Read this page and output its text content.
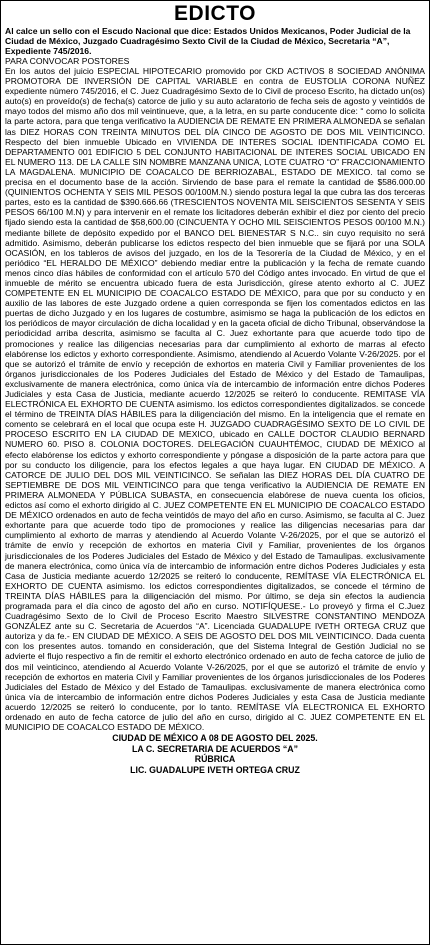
EDICTO

Al calce un sello con el Escudo Nacional que dice: Estados Unidos Mexicanos, Poder Judicial de la Ciudad de México, Juzgado Cuadragésimo Sexto Civil de la Ciudad de México, Secretaria “A”, Expediente 745/2016.

PARA CONVOCAR POSTORES

En los autos del juicio ESPECIAL HIPOTECARIO promovido por CKD ACTIVOS 8 SOCIEDAD ANÓNIMA PROMOTORA DE INVERSIÓN DE CAPITAL VARIABLE en contra de EUSTOLIA CORONA NUÑEZ expediente número 745/2016, el C. Juez Cuadragésimo Sexto de lo Civil de proceso Escrito, ha dictado un(os) auto(s) en proveído(s) de fecha(s) catorce de julio y su auto aclaratorio de fecha seis de agosto y veintidós de mayo todos del mismo año dos mil veintinueve, que, a la letra, en su parte conducente dice: “ como lo solicita la parte actora, para que tenga verificativo la AUDIENCIA DE REMATE EN PRIMERA ALMONEDA se señalan las DIEZ HORAS CON TREINTA MINUTOS DEL DÍA CINCO DE AGOSTO DE DOS MIL VEINTICINCO. Respecto del bien inmueble Ubicado en VIVIENDA DE INTERES SOCIAL IDENTIFICADA COMO EL DEPARTAMENTO 001 EDIFICIO 5 DEL CONJUNTO HABITACIONAL DE INTERES SOCIAL UBICADO EN EL NUMERO 113. DE LA CALLE SIN NOMBRE MANZANA UNICA, LOTE CUATRO “O” FRACCIONAMIENTO LA MAGDALENA. MUNICIPIO DE COACALCO DE BERRIOZABAL, ESTADO DE MEXICO. tal como se precisa en el documento base de la acción. Sirviendo de base para el remate la cantidad de $586.000.00 (QUINIENTOS OCHENTA Y SEIS MIL PESOS 00/100M.N.) siendo postura legal la que cubra las dos terceras partes, esto es la cantidad de $390.666.66 (TRESCIENTOS NOVENTA MIL SEISCIENTOS SESENTA Y SEIS PESOS 66/100 M.N) y para intervenir en el remate los licitadores deberán exhibir el diez por ciento del precio fijado siendo esta la cantidad de $58,600.00 (CINCUENTA Y OCHO MIL SEISCIENTOS PESOS 00/100 M.N.) mediante billete de depósito expedido por el BANCO DEL BIENESTAR S N.C.. sin cuyo requisito no será admitido. Asimismo, deberán publicarse los edictos respecto del bien inmueble que se fijará por una SOLA OCASIÓN, en los tableros de avisos del juzgado, en los de la Tesorería de la Ciudad de México, y en el periódico “EL HERALDO DE MÉXICO” debiendo mediar entre la publicación y la fecha de remate cuando menos cinco días hábiles de conformidad con el artículo 570 del Código antes invocado. En virtud de que el inmueble de mérito se encuentra ubicado fuera de esta Jurisdicción, gírese atento exhorto al C. JUEZ COMPETENTE EN EL MUNICIPIO DE COACALCO ESTADO DE MÉXICO, para que por su conducto y en auxilio de las labores de este Juzgado ordene a quien corresponda se fijen los comentados edictos en las puertas de dicho Juzgado y en los lugares de costumbre, asimismo se haga la publicación de los edictos en los periódicos de mayor circulación de dicha localidad y en la gaceta oficial de dicho Tribunal, observándose la periodicidad arriba descrita, asimismo se faculta al C. Juez exhortante para que acuerde todo tipo de promociones y realice las diligencias necesarias para dar cumplimiento al exhorto de marras al efecto elabórense los edictos y exhorto correspondiente. Asimismo, atendiendo al Acuerdo Volante V-26/2025. por el que se autorizó el trámite de envío y recepción de exhortos en materia Civil y Familiar provenientes de los órganos jurisdiccionales de los Poderes Judiciales del Estado de México y del Estado de Tamaulipas, exclusivamente de manera electrónica, como única vía de intercambio de información entre dichos Poderes Judiciales y esta Casa de Justicia, mediante acuerdo 12/2025 se reiteró lo conducente. REMITASE VÍA ELECTRÓNICA EL EXHORTO DE CUENTA asimismo. los edictos correspondientes digitalizados. se concede el término de TREINTA DÍAS HÁBILES para la diligenciación del mismo. En la inteligencia que el remate en comento se celebrará en el local que ocupa este H. JUZGADO CUADRAGÉSIMO SEXTO DE LO CIVIL DE PROCESO ESCRITO EN LA CIUDAD DE MEXICO, ubicado en CALLE DOCTOR CLAUDIO BERNARD NUMERO 60. PISO 8. COLONIA DOCTORES. DELEGACIÓN CUAUHTÉMOC, CIUDAD DE MÉXICO al efecto elabórense los edictos y exhorto correspondiente y póngase a disposición de la parte actora para que por su conducto los diligencie, para los efectos legales a que haya lugar. EN CIUDAD DE MÉXICO. A CATORCE DE JULIO DEL DOS MIL VEINTICINCO. Se señalan las DIEZ HORAS DEL DÍA CUATRO DE SEPTIEMBRE DE DOS MIL VEINTICINCO para que tenga verificativo la AUDIENCIA DE REMATE EN PRIMERA ALMONEDA Y PÚBLICA SUBASTA, en consecuencia elabórese de nueva cuenta los oficios, edictos así como el exhorto dirigido al C. JUEZ COMPETENTE EN EL MUNICIPIO DE COACALCO ESTADO DE MÉXICO ordenados en auto de fecha veintidós de mayo del año en curso. Asimismo, se faculta al C. Juez exhortante para que acuerde todo tipo de promociones y realice las diligencias necesarias para dar cumplimiento al exhorto de marras y atendiendo al Acuerdo Volante V-26/2025, por el que se autorizó el trámite de envío y recepción de exhortos en materia Civil y Familiar, provenientes de los órganos jurisdiccionales de los Poderes Judiciales del Estado de México y del Estado de Tamaulipas. exclusivamente de manera electrónica, como única vía de intercambio de información entre dichos Poderes Judiciales y esta Casa de Justicia mediante acuerdo 12/2025 se reiteró lo conducente, REMÍTASE VÍA ELECTRÓNICA EL EXHORTO DE CUENTA asimismo. los edictos correspondientes digitalizados, se concede el término de TREINTA DÍAS HÁBILES para la diligenciación del mismo. Por último, se deja sin efectos la audiencia programada para el día cinco de agosto del año en curso. NOTIFÍQUESE.- Lo proveyó y firma el C.Juez Cuadragésimo Sexto de lo Civil de Proceso Escrito Maestro SILVESTRE CONSTANTINO MENDOZA GONZÁLEZ ante su C. Secretaria de Acuerdos “A”. Licenciada GUADALUPE IVETH ORTEGA CRUZ que autoriza y da fe.- EN CIUDAD DE MÉXICO. A SEIS DE AGOSTO DEL DOS MIL VEINTICINCO. Dada cuenta con los presentes autos. tomando en consideración, que del Sistema Integral de Gestión Judicial no se advierte el flujo respectivo a fin de remitir el exhorto electrónico ordenado en auto de fecha catorce de julio de dos mil veinticinco, atendiendo al Acuerdo Volante V-26/2025, por el que se autorizó el trámite de envío y recepción de exhortos en materia Civil y Familiar provenientes de los órganos jurisdiccionales de los Poderes Judiciales del Estado de México y del Estado de Tamaulipas. exclusivamente de manera electrónica como única vía de intercambio de información entre dichos Poderes Judiciales y esta Casa de Justicia mediante acuerdo 12/2025 se reiteró lo conducente, por lo tanto. REMÍTASE VÍA ELECTRONICA EL EXHORTO ordenado en auto de fecha catorce de julio del año en curso, dirigido al C. JUEZ COMPETENTE EN EL MUNICIPIO DE COACALCO ESTADO DE MÉXICO.

CIUDAD DE MÉXICO A 08 DE AGOSTO DEL 2025.
LA C. SECRETARIA DE ACUERDOS “A”
RÚBRICA
LIC. GUADALUPE IVETH ORTEGA CRUZ
